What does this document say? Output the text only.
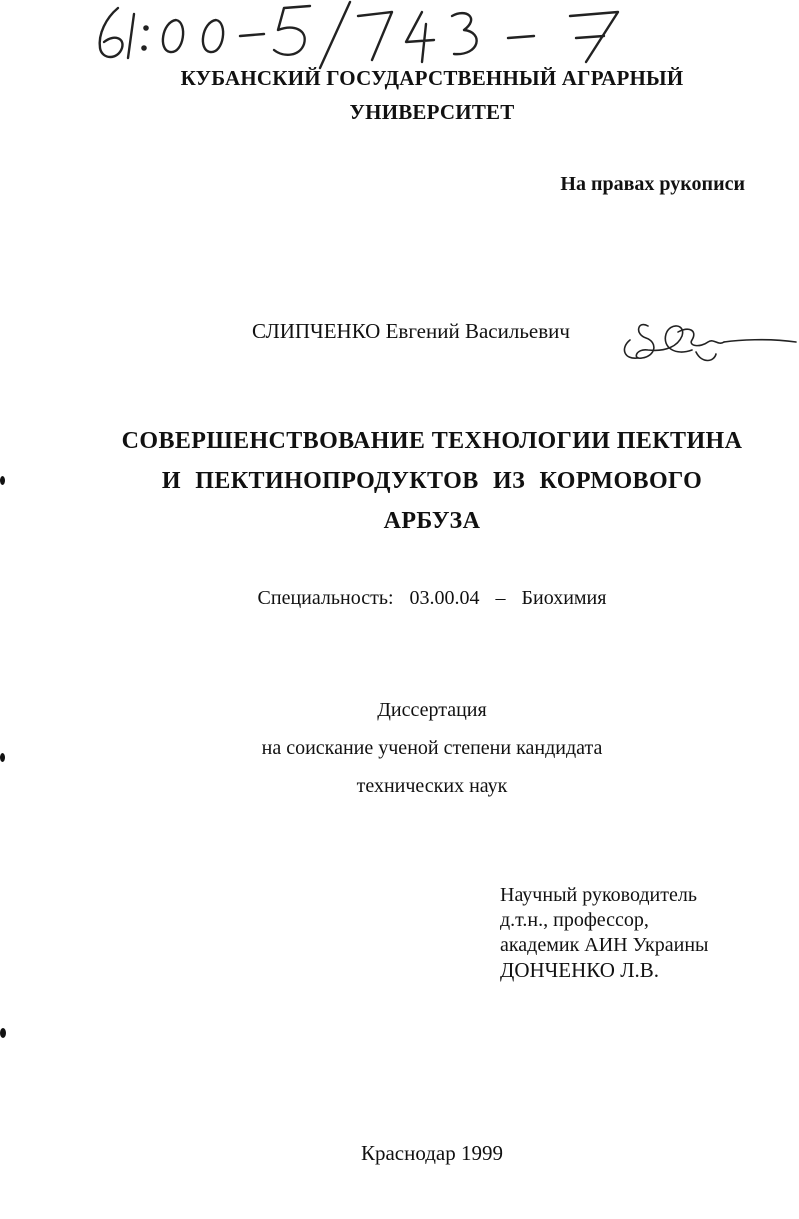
КУБАНСКИЙ ГОСУДАРСТВЕННЫЙ АГРАРНЫЙ
УНИВЕРСИТЕТ
На правах рукописи
СЛИПЧЕНКО Евгений Васильевич
СОВЕРШЕНСТВОВАНИЕ ТЕХНОЛОГИИ ПЕКТИНА
И ПЕКТИНОПРОДУКТОВ ИЗ КОРМОВОГО
АРБУЗА
Специальность:  03.00.04  –  Биохимия
Диссертация
на соискание ученой степени кандидата
технических наук
Научный руководитель
д.т.н., профессор,
академик АИН Украины
ДОНЧЕНКО Л.В.
Краснодар 1999
